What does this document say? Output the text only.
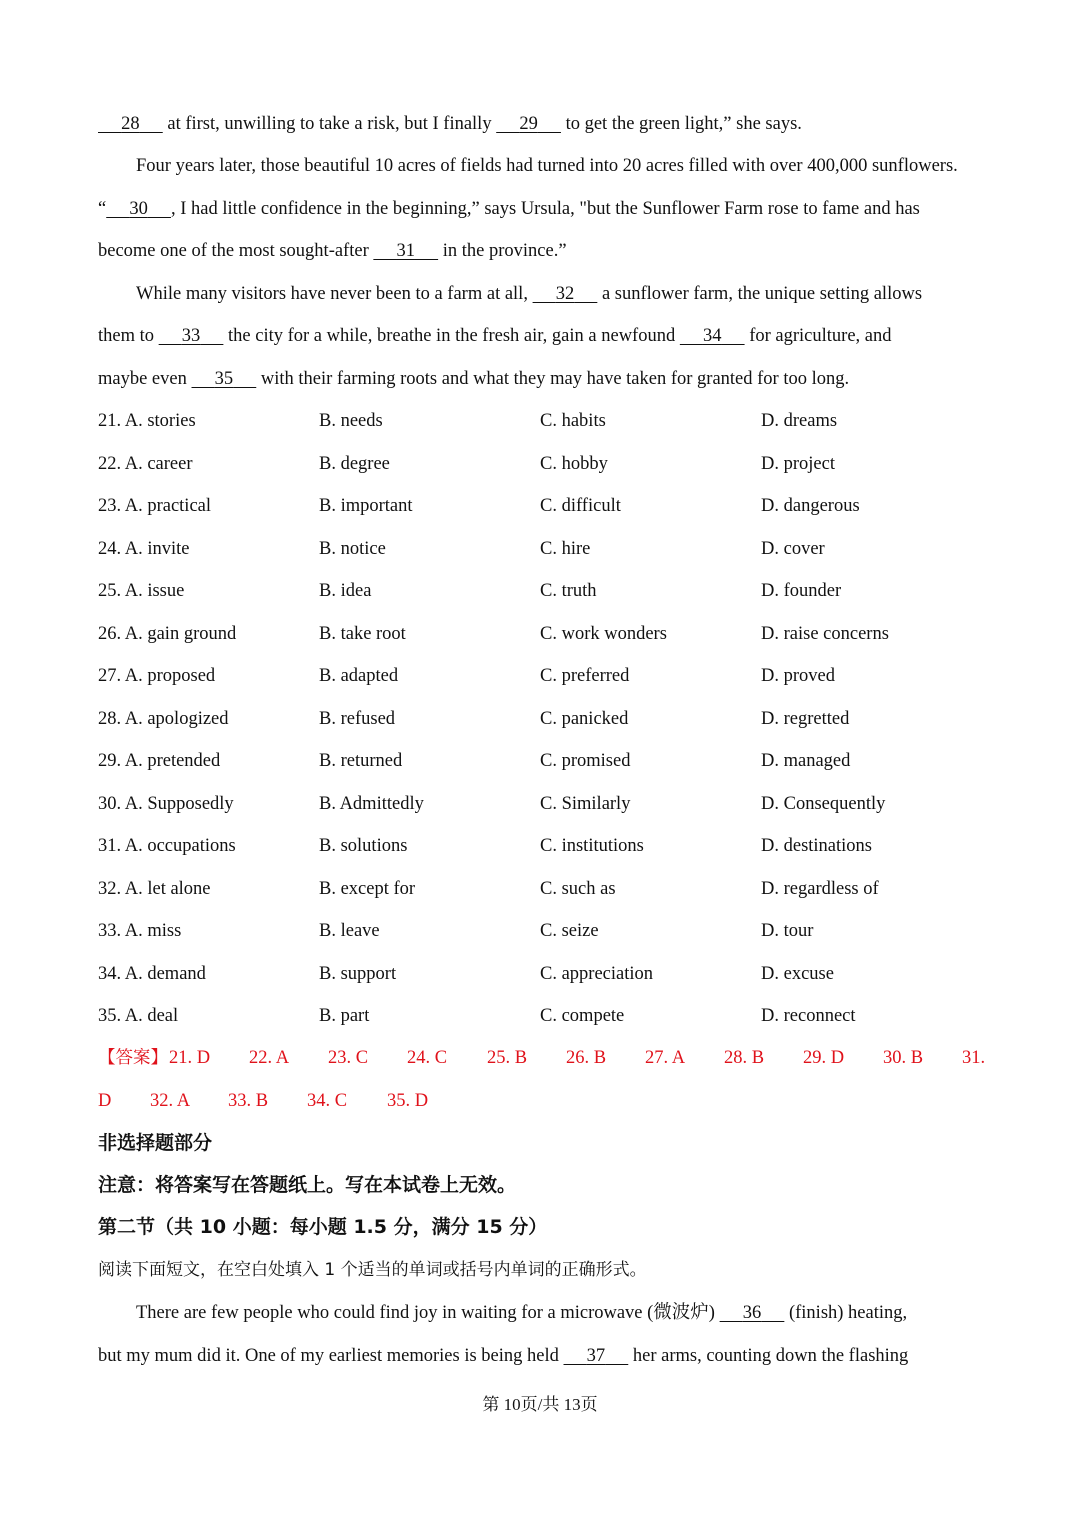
28 at first, unwilling to take a risk, but I finally 29 to get the green light,” she says.
Four years later, those beautiful 10 acres of fields had turned into 20 acres filled with over 400,000 sunflowers.
“ 30 , I had little confidence in the beginning,” says Ursula, "but the Sunflower Farm rose to fame and has
become one of the most sought-after 31 in the province.”
While many visitors have never been to a farm at all, 32 a sunflower farm, the unique setting allows
them to 33 the city for a while, breathe in the fresh air, gain a newfound 34 for agriculture, and
maybe even 35 with their farming roots and what they may have taken for granted for too long.
21. A. stories	B. needs	C. habits	D. dreams
22. A. career	B. degree	C. hobby	D. project
23. A. practical	B. important	C. difficult	D. dangerous
24. A. invite	B. notice	C. hire	D. cover
25. A. issue	B. idea	C. truth	D. founder
26. A. gain ground	B. take root	C. work wonders	D. raise concerns
27. A. proposed	B. adapted	C. preferred	D. proved
28. A. apologized	B. refused	C. panicked	D. regretted
29. A. pretended	B. returned	C. promised	D. managed
30. A. Supposedly	B. Admittedly	C. Similarly	D. Consequently
31. A. occupations	B. solutions	C. institutions	D. destinations
32. A. let alone	B. except for	C. such as	D. regardless of
33. A. miss	B. leave	C. seize	D. tour
34. A. demand	B. support	C. appreciation	D. excuse
35. A. deal	B. part	C. compete	D. reconnect
【答案】 21. D 22. A 23. C 24. C 25. B 26. B 27. A 28. B 29. D 30. B 31.
D 32. A 33. B 34. C 35. D
非选择题部分
注意：将答案写在答题纸上。写在本试卷上无效。
第二节（共 10 小题：每小题 1.5 分，满分 15 分）
阅读下面短文，在空白处填入 1 个适当的单词或括号内单词的正确形式。
There are few people who could find joy in waiting for a microwave (微波炉) 36 (finish) heating,
but my mum did it. One of my earliest memories is being held 37 her arms, counting down the flashing
第 10页/共 13页
